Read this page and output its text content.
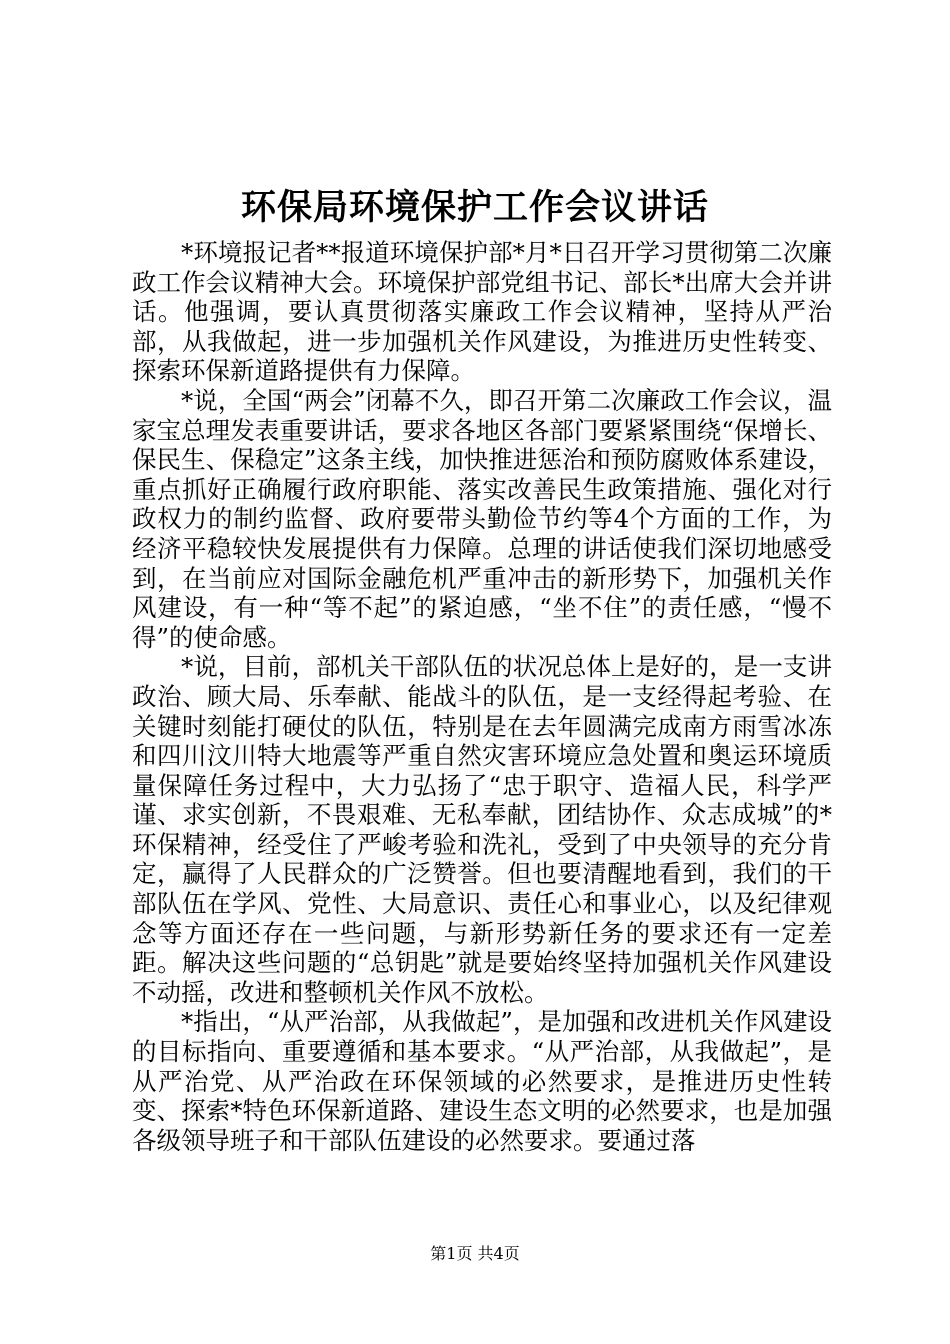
环保局环境保护工作会议讲话

*环境报记者**报道环境保护部*月*日召开学习贯彻第二次廉政工作会议精神大会。环境保护部党组书记、部长*出席大会并讲话。他强调，要认真贯彻落实廉政工作会议精神，坚持从严治部，从我做起，进一步加强机关作风建设，为推进历史性转变、探索环保新道路提供有力保障。

*说，全国“两会”闭幕不久，即召开第二次廉政工作会议，温家宝总理发表重要讲话，要求各地区各部门要紧紧围绕“保增长、保民生、保稳定”这条主线，加快推进惩治和预防腐败体系建设，重点抓好正确履行政府职能、落实改善民生政策措施、强化对行政权力的制约监督、政府要带头勤俭节约等4个方面的工作，为经济平稳较快发展提供有力保障。总理的讲话使我们深切地感受到，在当前应对国际金融危机严重冲击的新形势下，加强机关作风建设，有一种“等不起”的紧迫感，“坐不住”的责任感，“慢不得”的使命感。

*说，目前，部机关干部队伍的状况总体上是好的，是一支讲政治、顾大局、乐奉献、能战斗的队伍，是一支经得起考验、在关键时刻能打硬仗的队伍，特别是在去年圆满完成南方雨雪冰冻和四川汶川特大地震等严重自然灾害环境应急处置和奥运环境质量保障任务过程中，大力弘扬了“忠于职守、造福人民，科学严谨、求实创新，不畏艰难、无私奉献，团结协作、众志成城”的*环保精神，经受住了严峻考验和洗礼，受到了中央领导的充分肯定，赢得了人民群众的广泛赞誉。但也要清醒地看到，我们的干部队伍在学风、党性、大局意识、责任心和事业心，以及纪律观念等方面还存在一些问题，与新形势新任务的要求还有一定差距。解决这些问题的“总钥匙”就是要始终坚持加强机关作风建设不动摇，改进和整顿机关作风不放松。

*指出，“从严治部，从我做起”，是加强和改进机关作风建设的目标指向、重要遵循和基本要求。“从严治部，从我做起”，是从严治党、从严治政在环保领域的必然要求，是推进历史性转变、探索*特色环保新道路、建设生态文明的必然要求，也是加强各级领导班子和干部队伍建设的必然要求。要通过落

第1页 共4页
